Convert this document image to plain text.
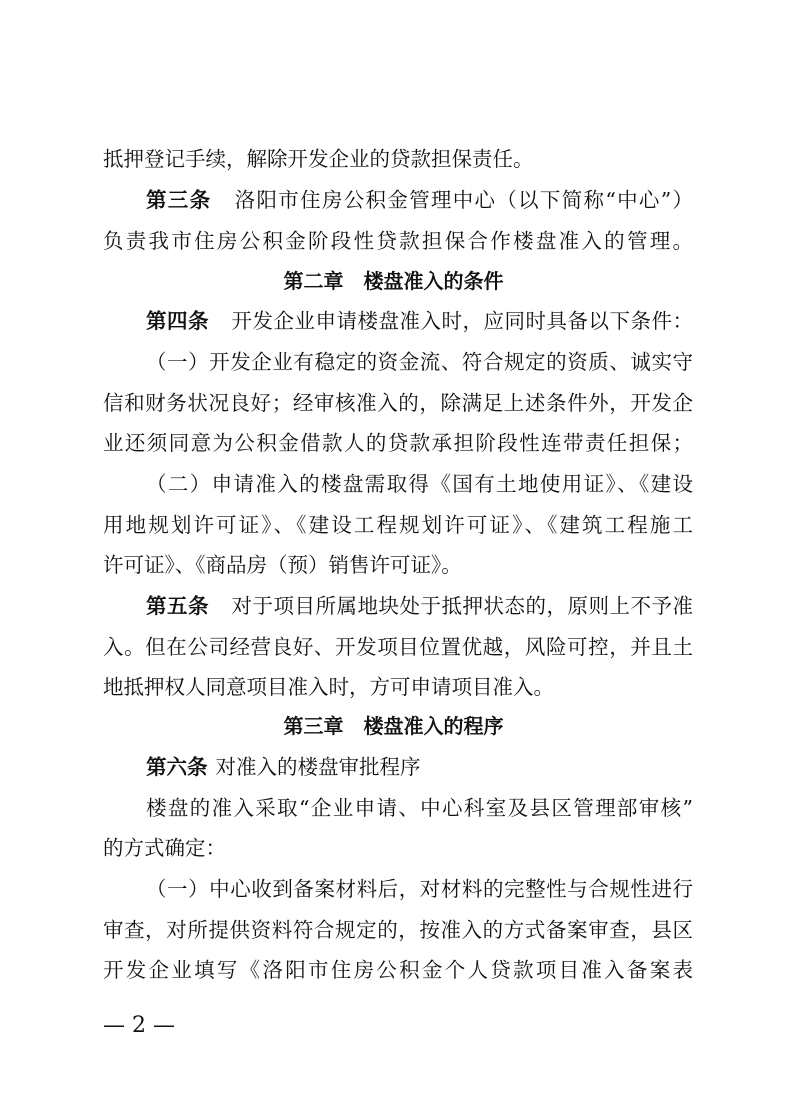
抵押登记手续，解除开发企业的贷款担保责任。
第三条 洛阳市住房公积金管理中心（以下简称“中心”）
负责我市住房公积金阶段性贷款担保合作楼盘准入的管理。
第二章　楼盘准入的条件
第四条 开发企业申请楼盘准入时，应同时具备以下条件：
（一）开发企业有稳定的资金流、符合规定的资质、诚实守
信和财务状况良好；经审核准入的，除满足上述条件外，开发企
业还须同意为公积金借款人的贷款承担阶段性连带责任担保；
（二）申请准入的楼盘需取得《国有土地使用证》、《建设
用地规划许可证》、《建设工程规划许可证》、《建筑工程施工
许可证》、《商品房（预）销售许可证》。
第五条 对于项目所属地块处于抵押状态的，原则上不予准
入。但在公司经营良好、开发项目位置优越，风险可控，并且土
地抵押权人同意项目准入时，方可申请项目准入。
第三章　楼盘准入的程序
第六条 对准入的楼盘审批程序
楼盘的准入采取“企业申请、中心科室及县区管理部审核”
的方式确定：
（一）中心收到备案材料后，对材料的完整性与合规性进行
审查，对所提供资料符合规定的，按准入的方式备案审查，县区
开发企业填写《洛阳市住房公积金个人贷款项目准入备案表
— 2 —
